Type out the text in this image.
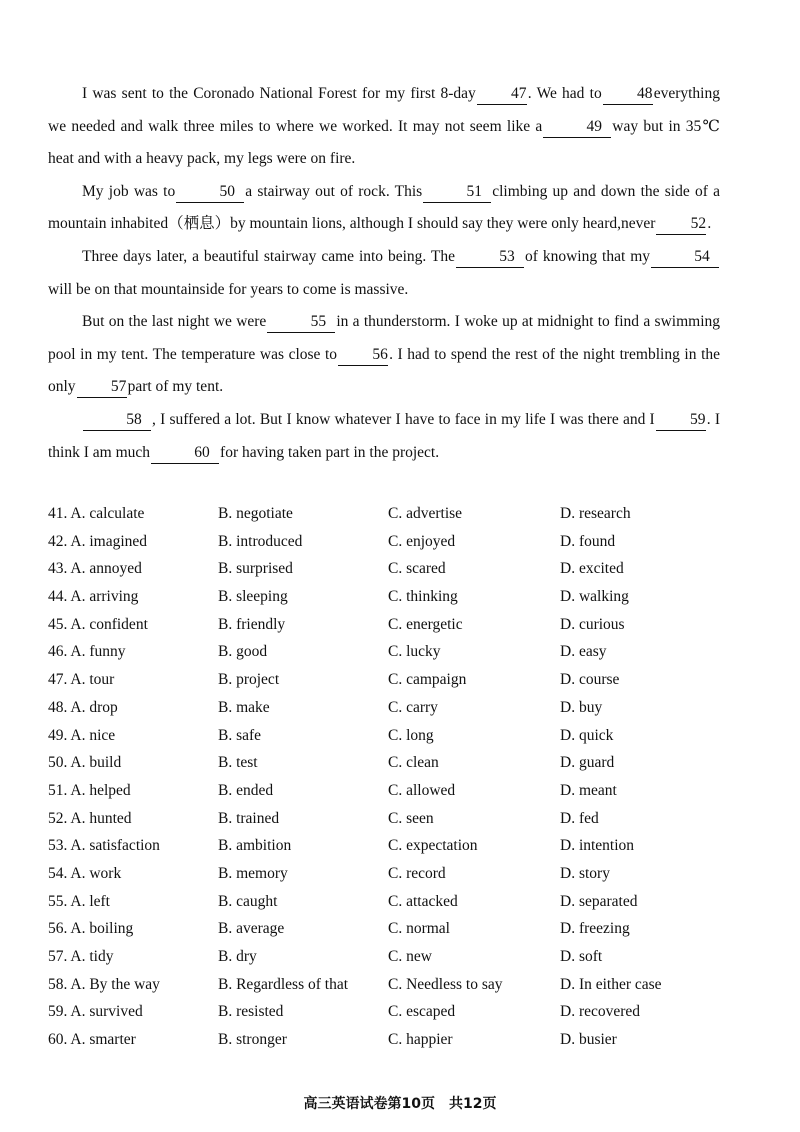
I was sent to the Coronado National Forest for my first 8-day 47. We had to 48everything we needed and walk three miles to where we worked. It may not seem like a	49 way but in 35℃ heat and with a heavy pack, my legs were on fire.

My job was to	50 a stairway out of rock. This	51 climbing up and down the side of a mountain inhabited（栖息）by mountain lions, although I should say they were only heard,never 52.

Three days later, a beautiful stairway came into being. The	53 of knowing that my	54will be on that mountainside for years to come is massive.

But on the last night we were	55 in a thunderstorm. I woke up at midnight to find a swimming pool in my tent. The temperature was close to 56. I had to spend the rest of the night trembling in the only 57part of my tent.

58 , I suffered a lot. But I know whatever I have to face in my life I was there and I 59. I think I am much	60 for having taken part in the project.

41. A. calculate	B. negotiate	C. advertise	D. research
42. A. imagined	B. introduced	C. enjoyed	D. found
43. A. annoyed	B. surprised	C. scared	D. excited
44. A. arriving	B. sleeping	C. thinking	D. walking
45. A. confident	B. friendly	C. energetic	D. curious
46. A. funny	B. good	C. lucky	D. easy
47. A. tour	B. project	C. campaign	D. course
48. A. drop	B. make	C. carry	D. buy
49. A. nice	B. safe	C. long	D. quick
50. A. build	B. test	C. clean	D. guard
51. A. helped	B. ended	C. allowed	D. meant
52. A. hunted	B. trained	C. seen	D. fed
53. A. satisfaction	B. ambition	C. expectation	D. intention
54. A. work	B. memory	C. record	D. story
55. A. left	B. caught	C. attacked	D. separated
56. A. boiling	B. average	C. normal	D. freezing
57. A. tidy	B. dry	C. new	D. soft
58. A. By the way	B. Regardless of that	C. Needless to say	D. In either case
59. A. survived	B. resisted	C. escaped	D. recovered
60. A. smarter	B. stronger	C. happier	D. busier
高三英语试卷第10页　共12页
